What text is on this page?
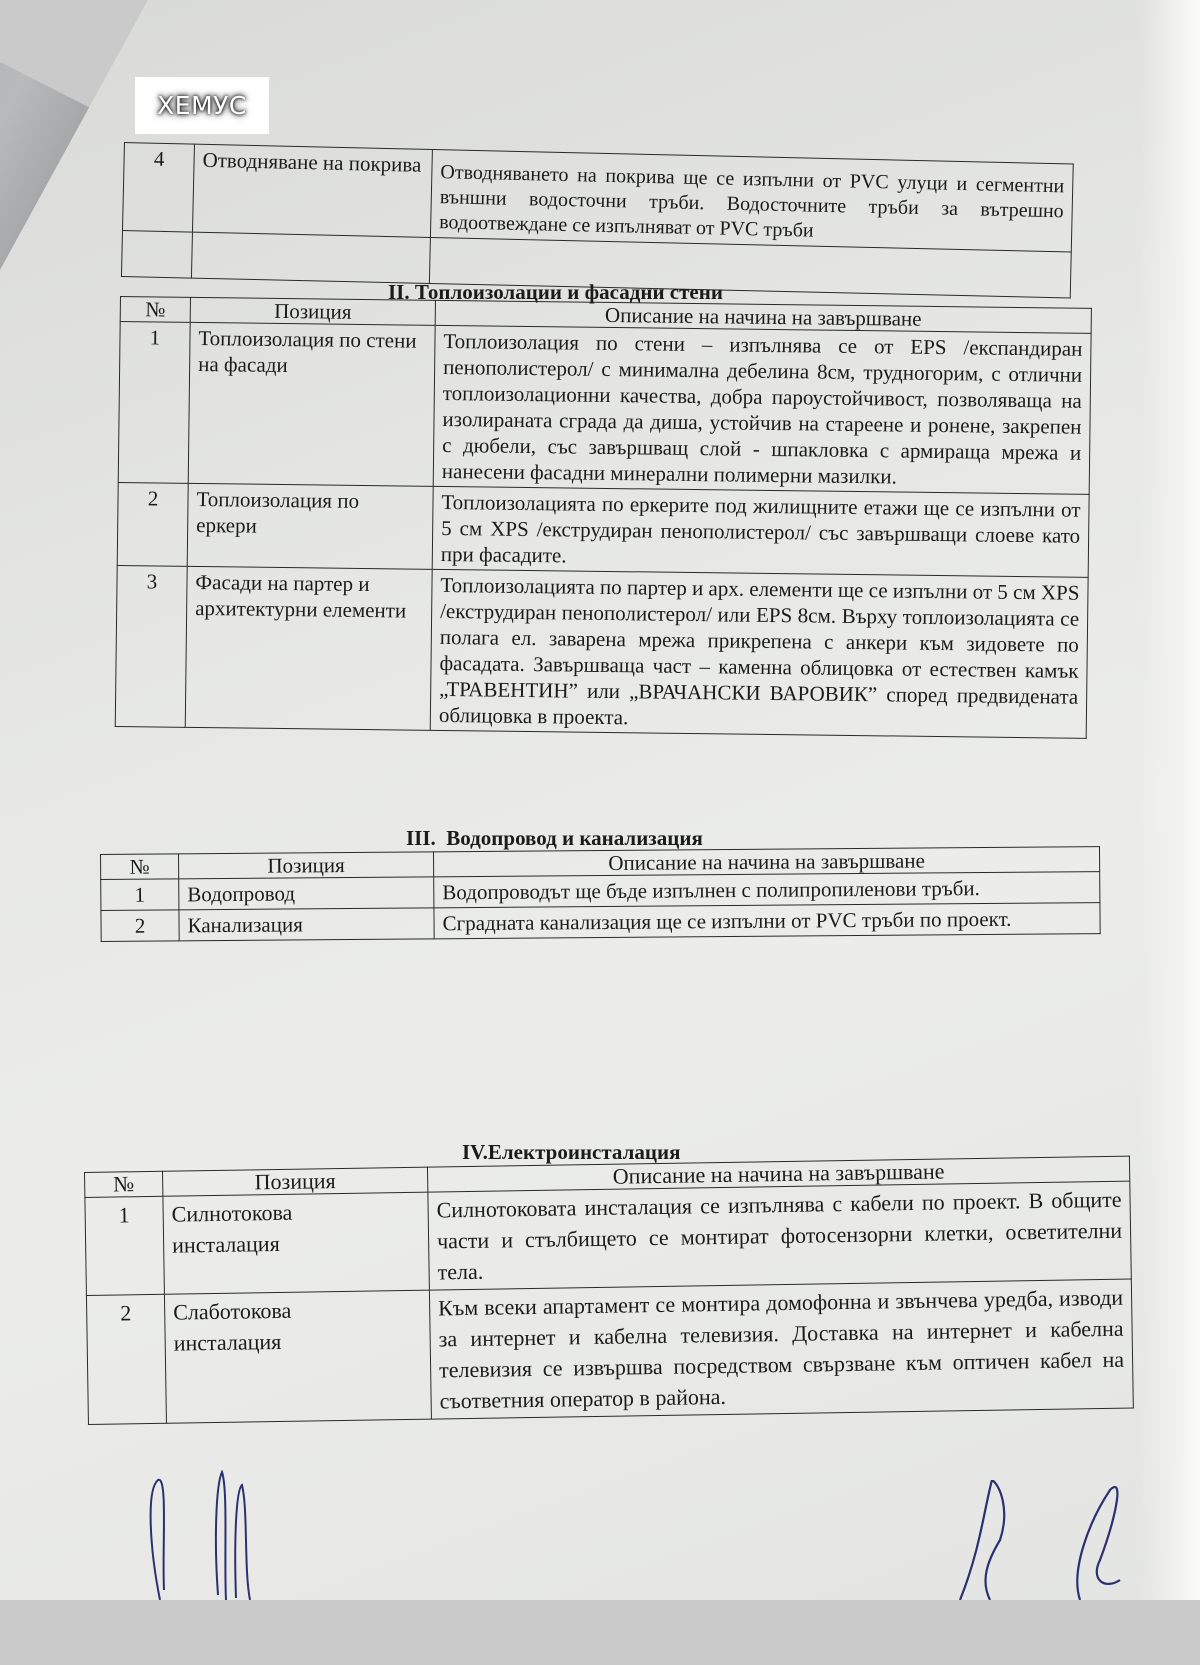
ХЕМУС
4	Отводняване на покрива	Отводняването на покрива ще се изпълни от PVC улуци и сегментни външни водосточни тръби. Водосточните тръби за вътрешно водоотвеждане се изпълняват от PVC тръби

II. Топлоизолации и фасадни стени
№	Позиция	Описание на начина на завършване
1	Топлоизолация по стени на фасади	Топлоизолация по стени – изпълнява се от EPS /експандиран пенополистерол/ с минимална дебелина 8см, трудногорим, с отлични топлоизолационни качества, добра пароустойчивост, позволяваща на изолираната сграда да диша, устойчив на стареене и ронене, закрепен с дюбели, със завършващ слой - шпакловка с армираща мрежа и нанесени фасадни минерални полимерни мазилки.
2	Топлоизолация по еркери	Топлоизолацията по еркерите под жилищните етажи ще се изпълни от 5 см XPS /екструдиран пенополистерол/ със завършващи слоеве като при фасадите.
3	Фасади на партер и архитектурни елементи	Топлоизолацията по партер и арх. елементи ще се изпълни от 5 см XPS /екструдиран пенополистерол/ или EPS 8см. Върху топлоизолацията се полага ел. заварена мрежа прикрепена с анкери към зидовете по фасадата. Завършваща част – каменна облицовка от естествен камък „ТРАВЕНТИН” или „ВРАЧАНСКИ ВАРОВИК” според предвидената облицовка в проекта.
III.  Водопровод и канализация
№	Позиция	Описание на начина на завършване
1	Водопровод	Водопроводът ще бъде изпълнен с полипропиленови тръби.
2	Канализация	Сградната канализация ще се изпълни от PVC тръби по проект.
IV.Електроинсталация
№	Позиция	Описание на начина на завършване
1	Силнотокова инсталация	Силнотоковата инсталация се изпълнява с кабели по проект. В общите части и стълбището се монтират фотосензорни клетки, осветителни тела.
2	Слаботокова инсталация	Към всеки апартамент се монтира домофонна и звънчева уредба, изводи за интернет и кабелна телевизия. Доставка на интернет и кабелна телевизия се извършва посредством свързване към оптичен кабел на съответния оператор в района.
